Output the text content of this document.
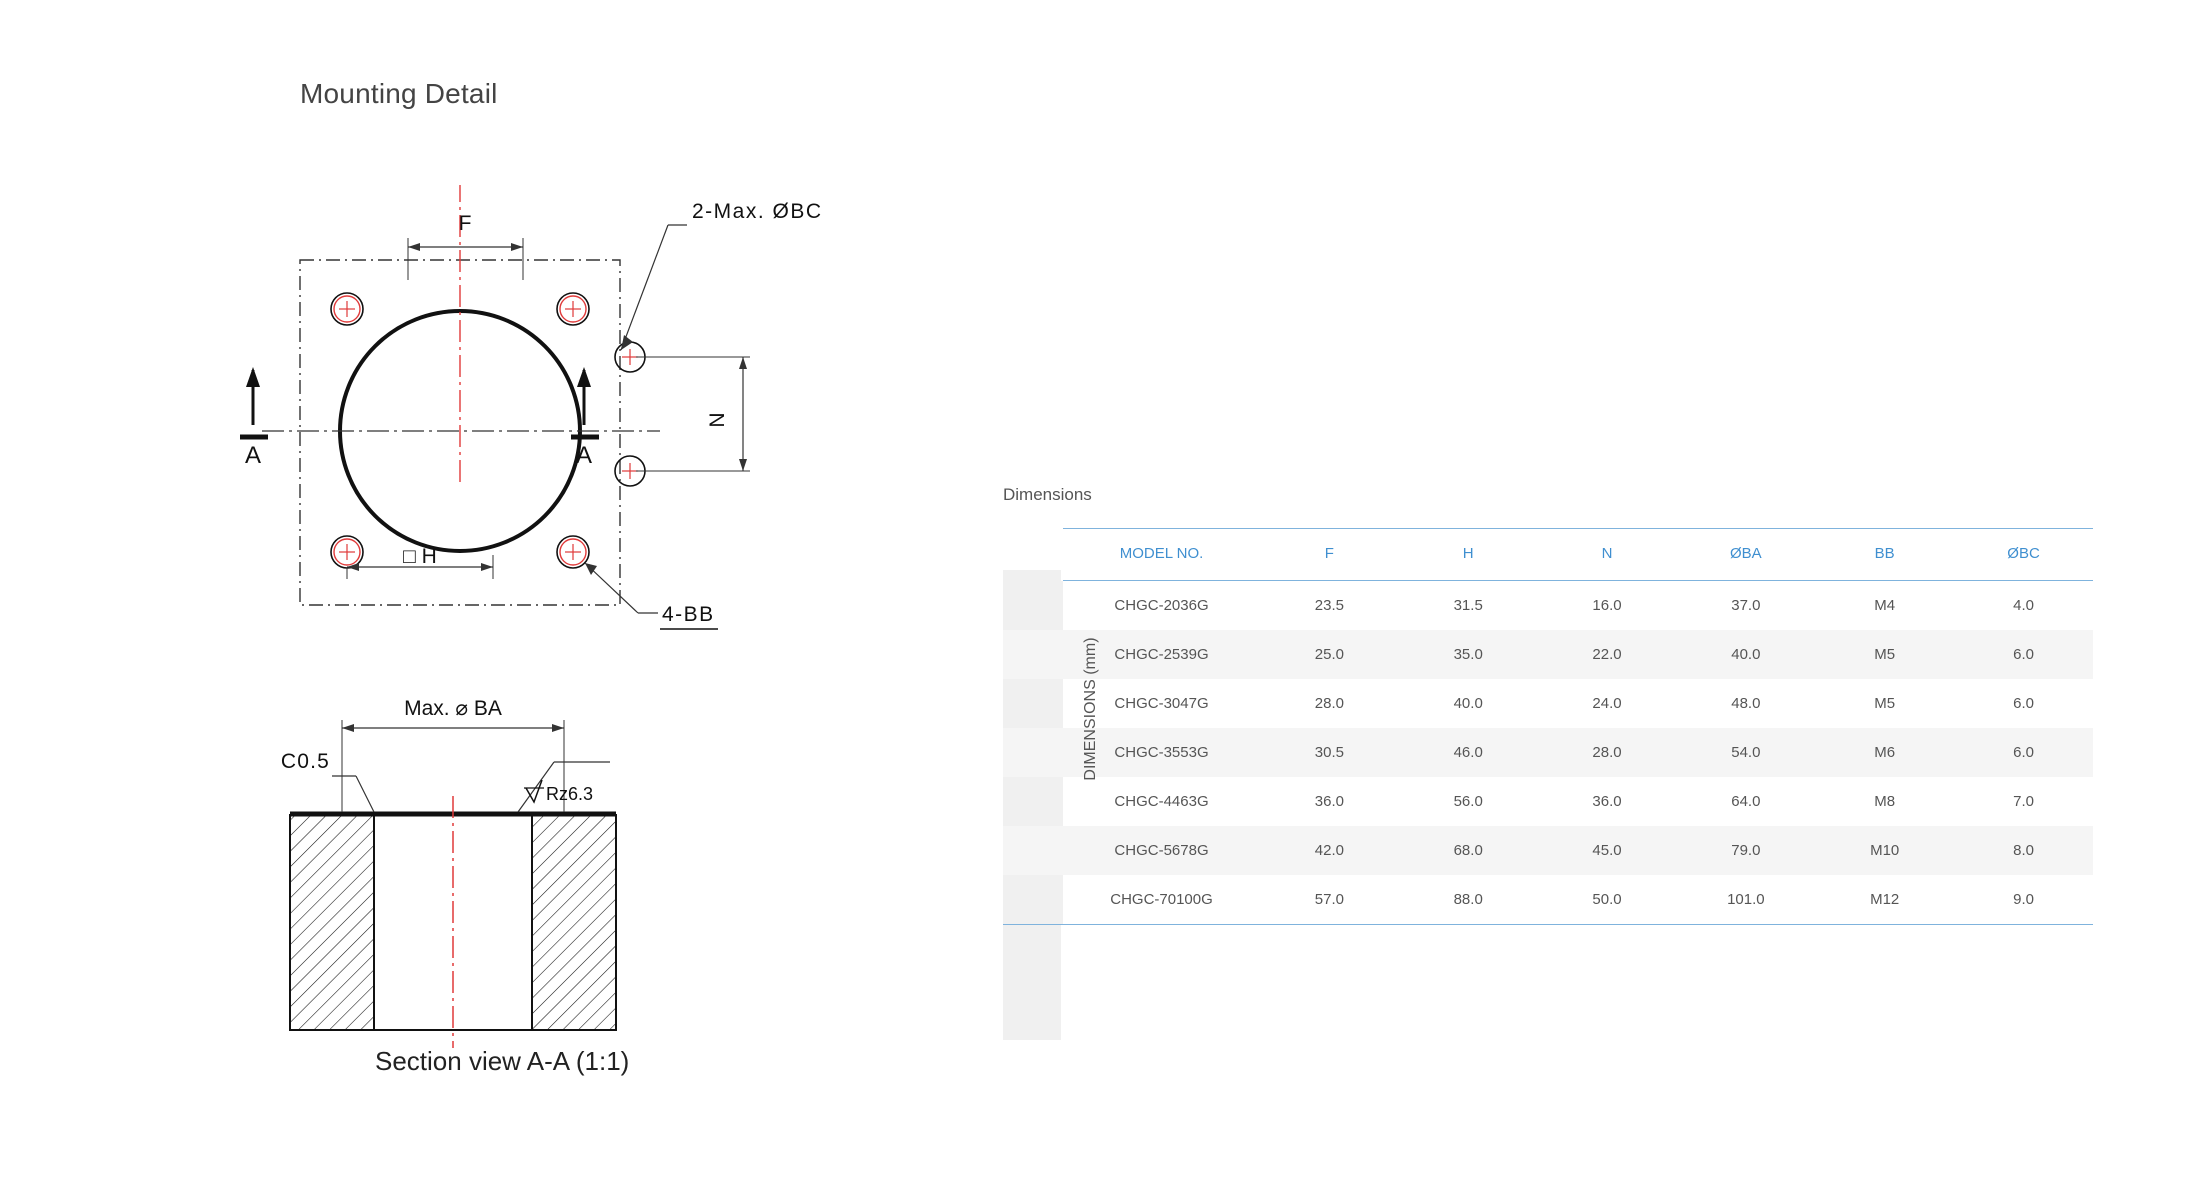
Mounting Detail
F
□ H
N
A	A
2-Max. ØBC
4-BB
Max. ⌀ BA
C0.5
Rz6.3
Section view A-A (1:1)
Dimensions
DIMENSIONS (mm)
	MODEL NO.	F	H	N	ØBA	BB	ØBC
	CHGC-2036G	23.5	31.5	16.0	37.0	M4	4.0
	CHGC-2539G	25.0	35.0	22.0	40.0	M5	6.0
	CHGC-3047G	28.0	40.0	24.0	48.0	M5	6.0
	CHGC-3553G	30.5	46.0	28.0	54.0	M6	6.0
	CHGC-4463G	36.0	56.0	36.0	64.0	M8	7.0
	CHGC-5678G	42.0	68.0	45.0	79.0	M10	8.0
	CHGC-70100G	57.0	88.0	50.0	101.0	M12	9.0
